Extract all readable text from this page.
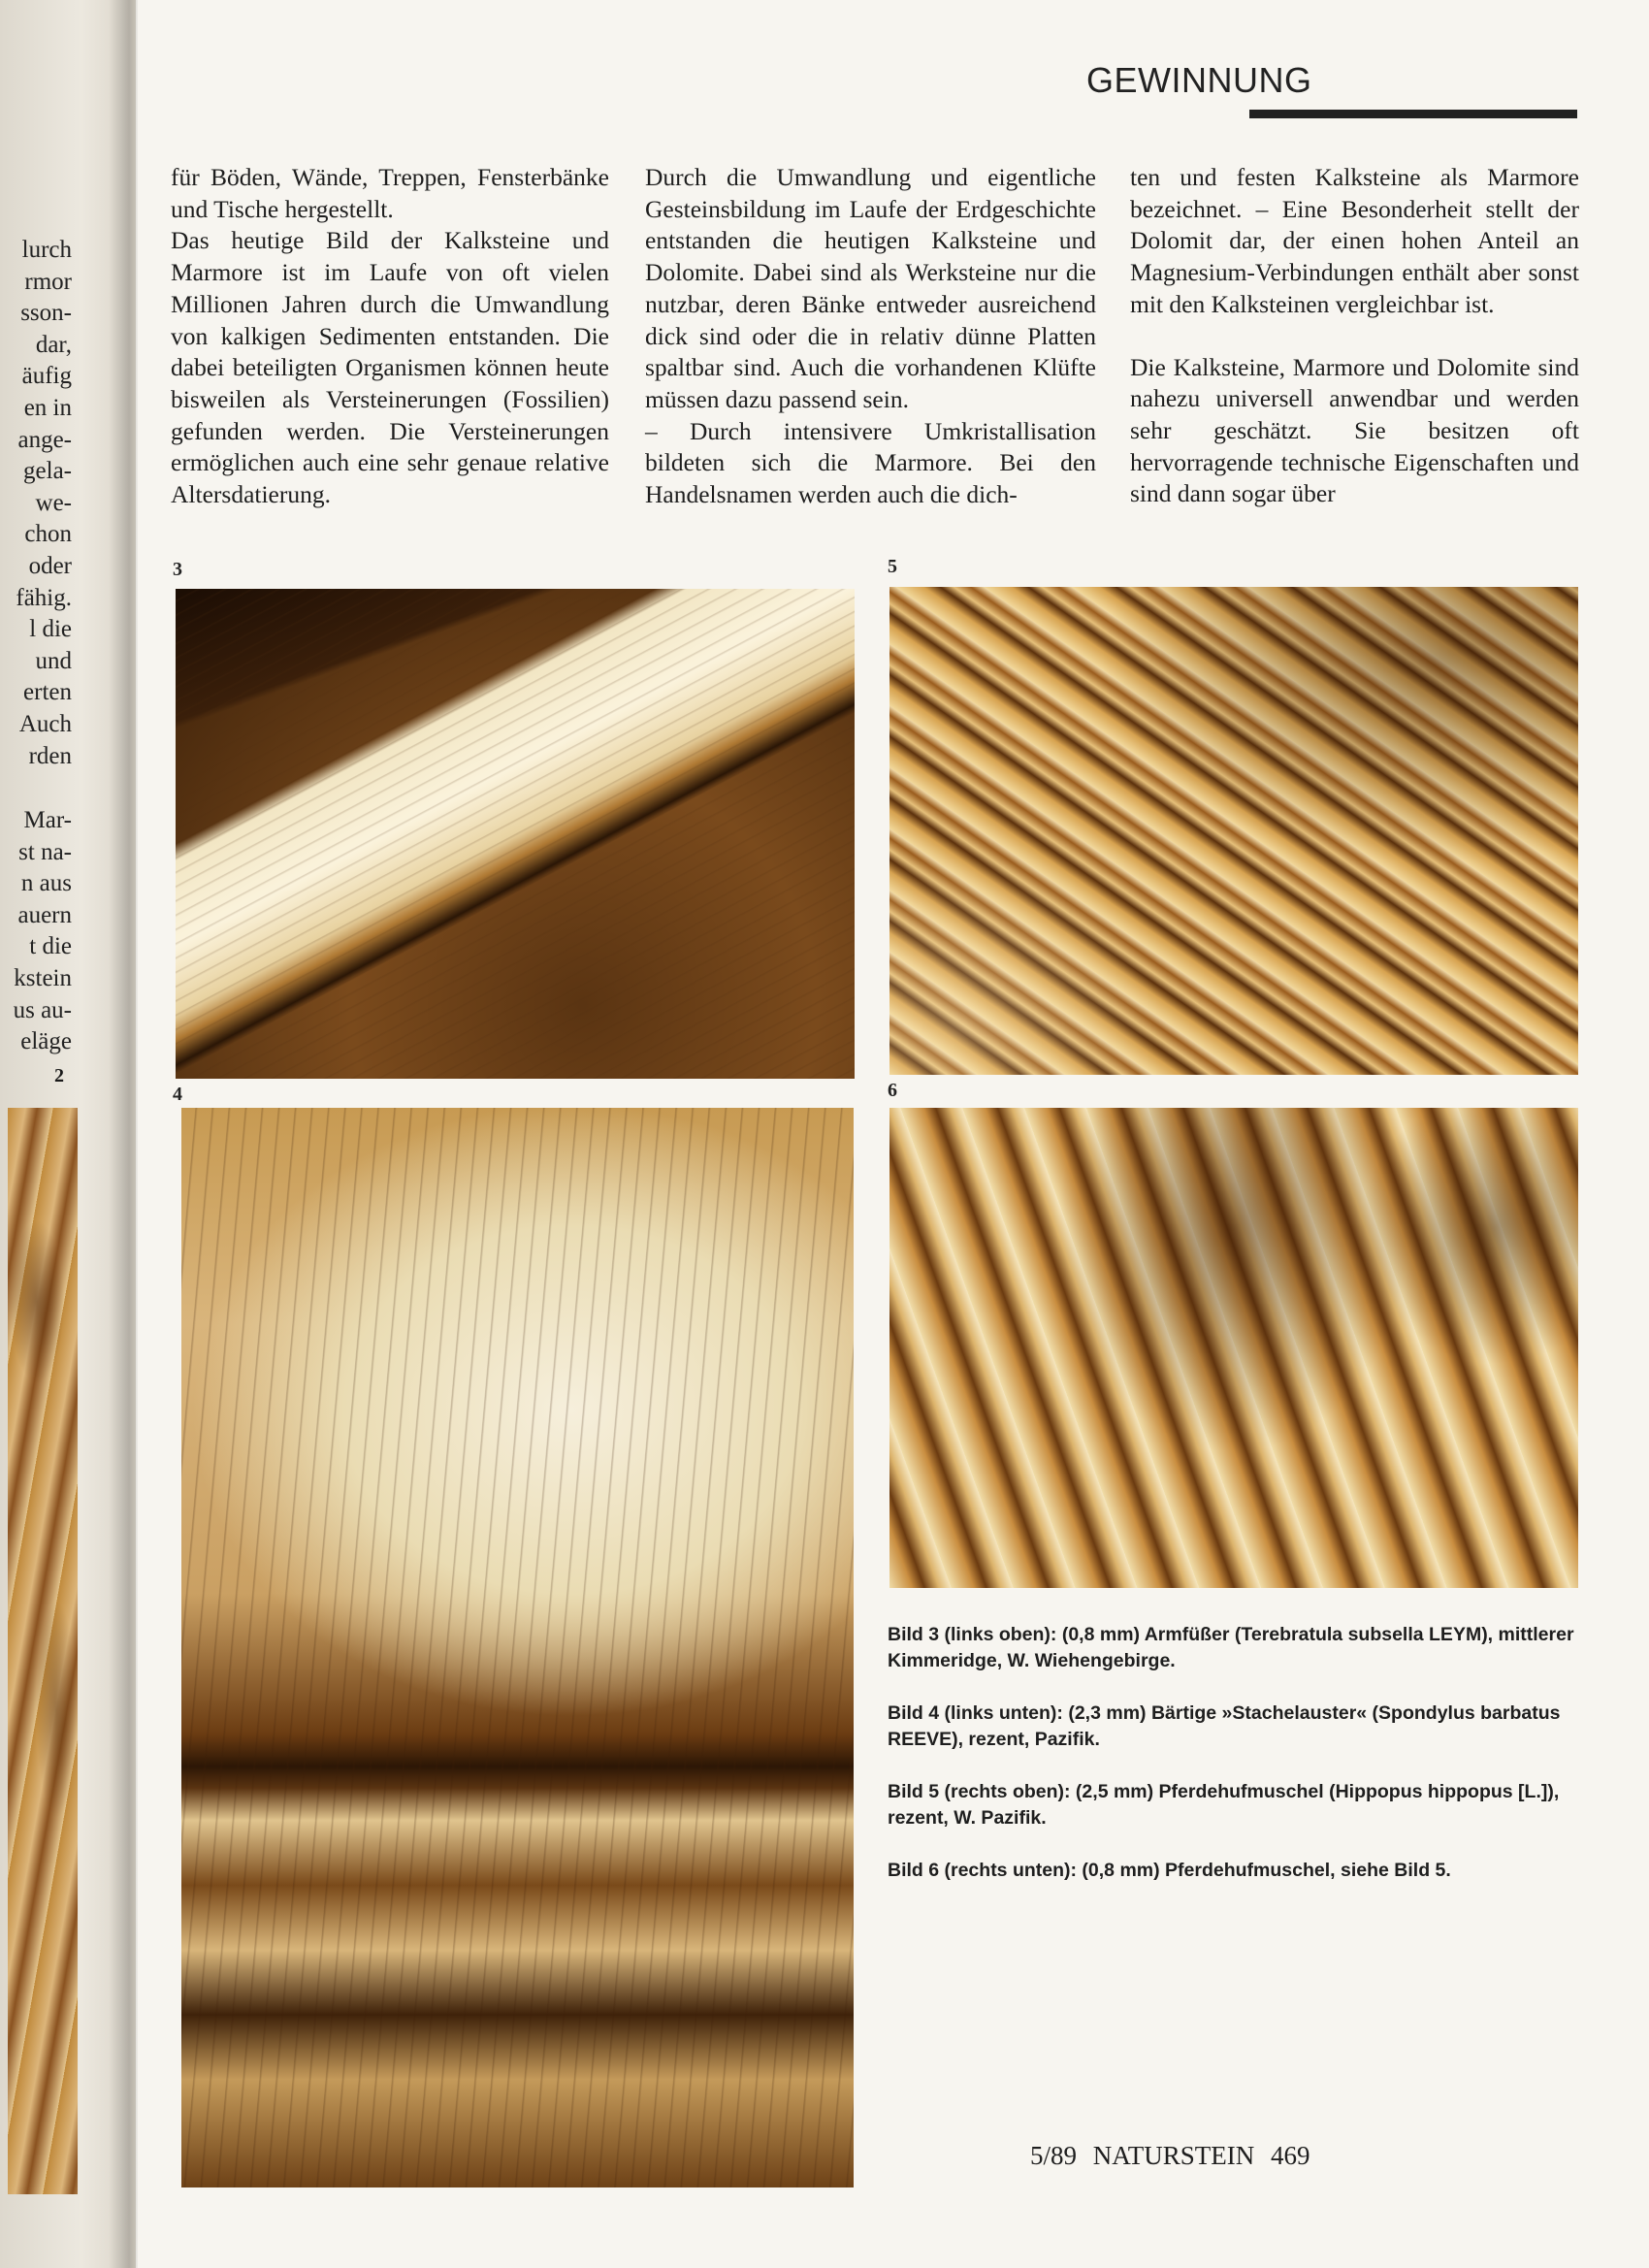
lurch
rmor
sson-
dar,
äufig
en in
ange-
gela-
we-
chon
oder
fähig.
l die
und
erten
Auch
rden
Mar-
st na-
n aus
auern
t die
kstein
us au-
eläge
2
GEWINNUNG

für Böden, Wände, Treppen, Fensterbänke und Tische hergestellt.

Das heutige Bild der Kalksteine und Marmore ist im Laufe von oft vielen Millionen Jahren durch die Umwandlung von kalkigen Sedimenten entstanden. Die dabei beteiligten Organismen können heute bisweilen als Versteinerungen (Fossilien) gefunden werden. Die Versteinerungen ermöglichen auch eine sehr genaue relative Altersdatierung.

Durch die Umwandlung und eigentliche Gesteinsbildung im Laufe der Erdgeschichte entstanden die heutigen Kalksteine und Dolomite. Dabei sind als Werksteine nur die nutzbar, deren Bänke entweder ausreichend dick sind oder die in relativ dünne Platten spaltbar sind. Auch die vorhandenen Klüfte müssen dazu passend sein.

– Durch intensivere Umkristallisation bildeten sich die Marmore. Bei den Handelsnamen werden auch die dich-

ten und festen Kalksteine als Marmore bezeichnet. – Eine Besonderheit stellt der Dolomit dar, der einen hohen Anteil an Magnesium-Verbindungen enthält aber sonst mit den Kalksteinen vergleichbar ist.

Die Kalksteine, Marmore und Dolomite sind nahezu universell anwendbar und werden sehr geschätzt. Sie besitzen oft hervorragende technische Eigenschaften und sind dann sogar über

3	5
4	6

Bild 3 (links oben): (0,8 mm) Armfüßer (Terebratula subsella LEYM), mittlerer Kimmeridge, W. Wiehengebirge.

Bild 4 (links unten): (2,3 mm) Bärtige »Stachelauster« (Spondylus barbatus REEVE), rezent, Pazifik.

Bild 5 (rechts oben): (2,5 mm) Pferdehufmuschel (Hippopus hippopus [L.]), rezent, W. Pazifik.

Bild 6 (rechts unten): (0,8 mm) Pferdehufmuschel, siehe Bild 5.

5/89 NATURSTEIN 469
